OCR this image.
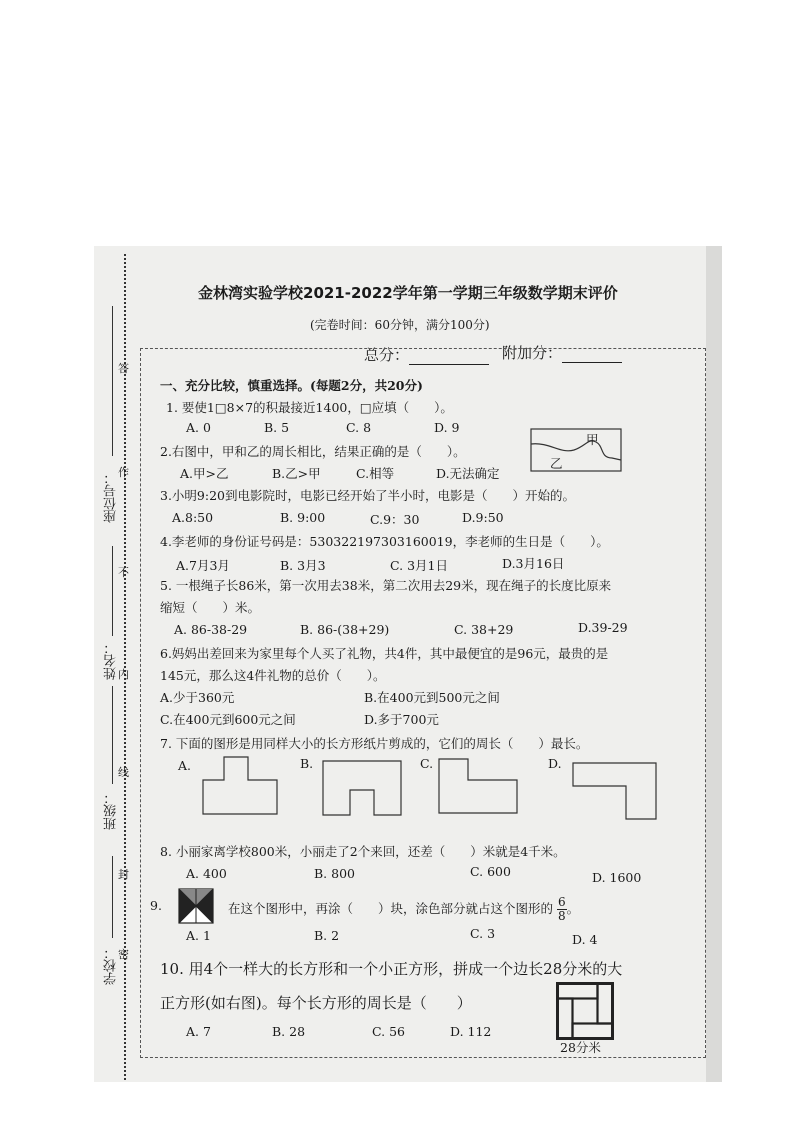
学校：
班级：
姓名：
座位号：
答
作
不
内
线
封
密
金林湾实验学校2021-2022学年第一学期三年级数学期末评价
(完卷时间：60分钟，满分100分)
总分：	附加分：
一、充分比较，慎重选择。(每题2分，共20分)
1. 要使1□8×7的积最接近1400，□应填（　　）。
A. 0	B. 5	C. 8	D. 9
2.右图中，甲和乙的周长相比，结果正确的是（　　）。
A.甲>乙	B.乙>甲	C.相等	D.无法确定
甲
乙
3.小明9:20到电影院时，电影已经开始了半小时，电影是（　　）开始的。
A.8:50	B. 9:00	C.9：30	D.9:50
4.李老师的身份证号码是：530322197303160019，李老师的生日是（　　）。
A.7月3月	B. 3月3	C. 3月1日	D.3月16日
5. 一根绳子长86米，第一次用去38米，第二次用去29米，现在绳子的长度比原来
缩短（　　）米。
A. 86-38-29	B. 86-(38+29)	C. 38+29	D.39-29
6.妈妈出差回来为家里每个人买了礼物，共4件，其中最便宜的是96元，最贵的是
145元，那么这4件礼物的总价（　　）。
A.少于360元	B.在400元到500元之间
C.在400元到600元之间	D.多于700元
7. 下面的图形是用同样大小的长方形纸片剪成的，它们的周长（　　）最长。
A.	B.	C.	D.
8. 小丽家离学校800米，小丽走了2个来回，还差（　　）米就是4千米。
A. 400	B. 800	C. 600	D. 1600
9.	在这个图形中，再涂（　　）块，涂色部分就占这个图形的 $\frac{6}{8}$ 。
A. 1	B. 2	C. 3	D. 4
10. 用4个一样大的长方形和一个小正方形，拼成一个边长28分米的大
正方形(如右图)。每个长方形的周长是（　　）
A. 7	B. 28	C. 56	D. 112
28分米
